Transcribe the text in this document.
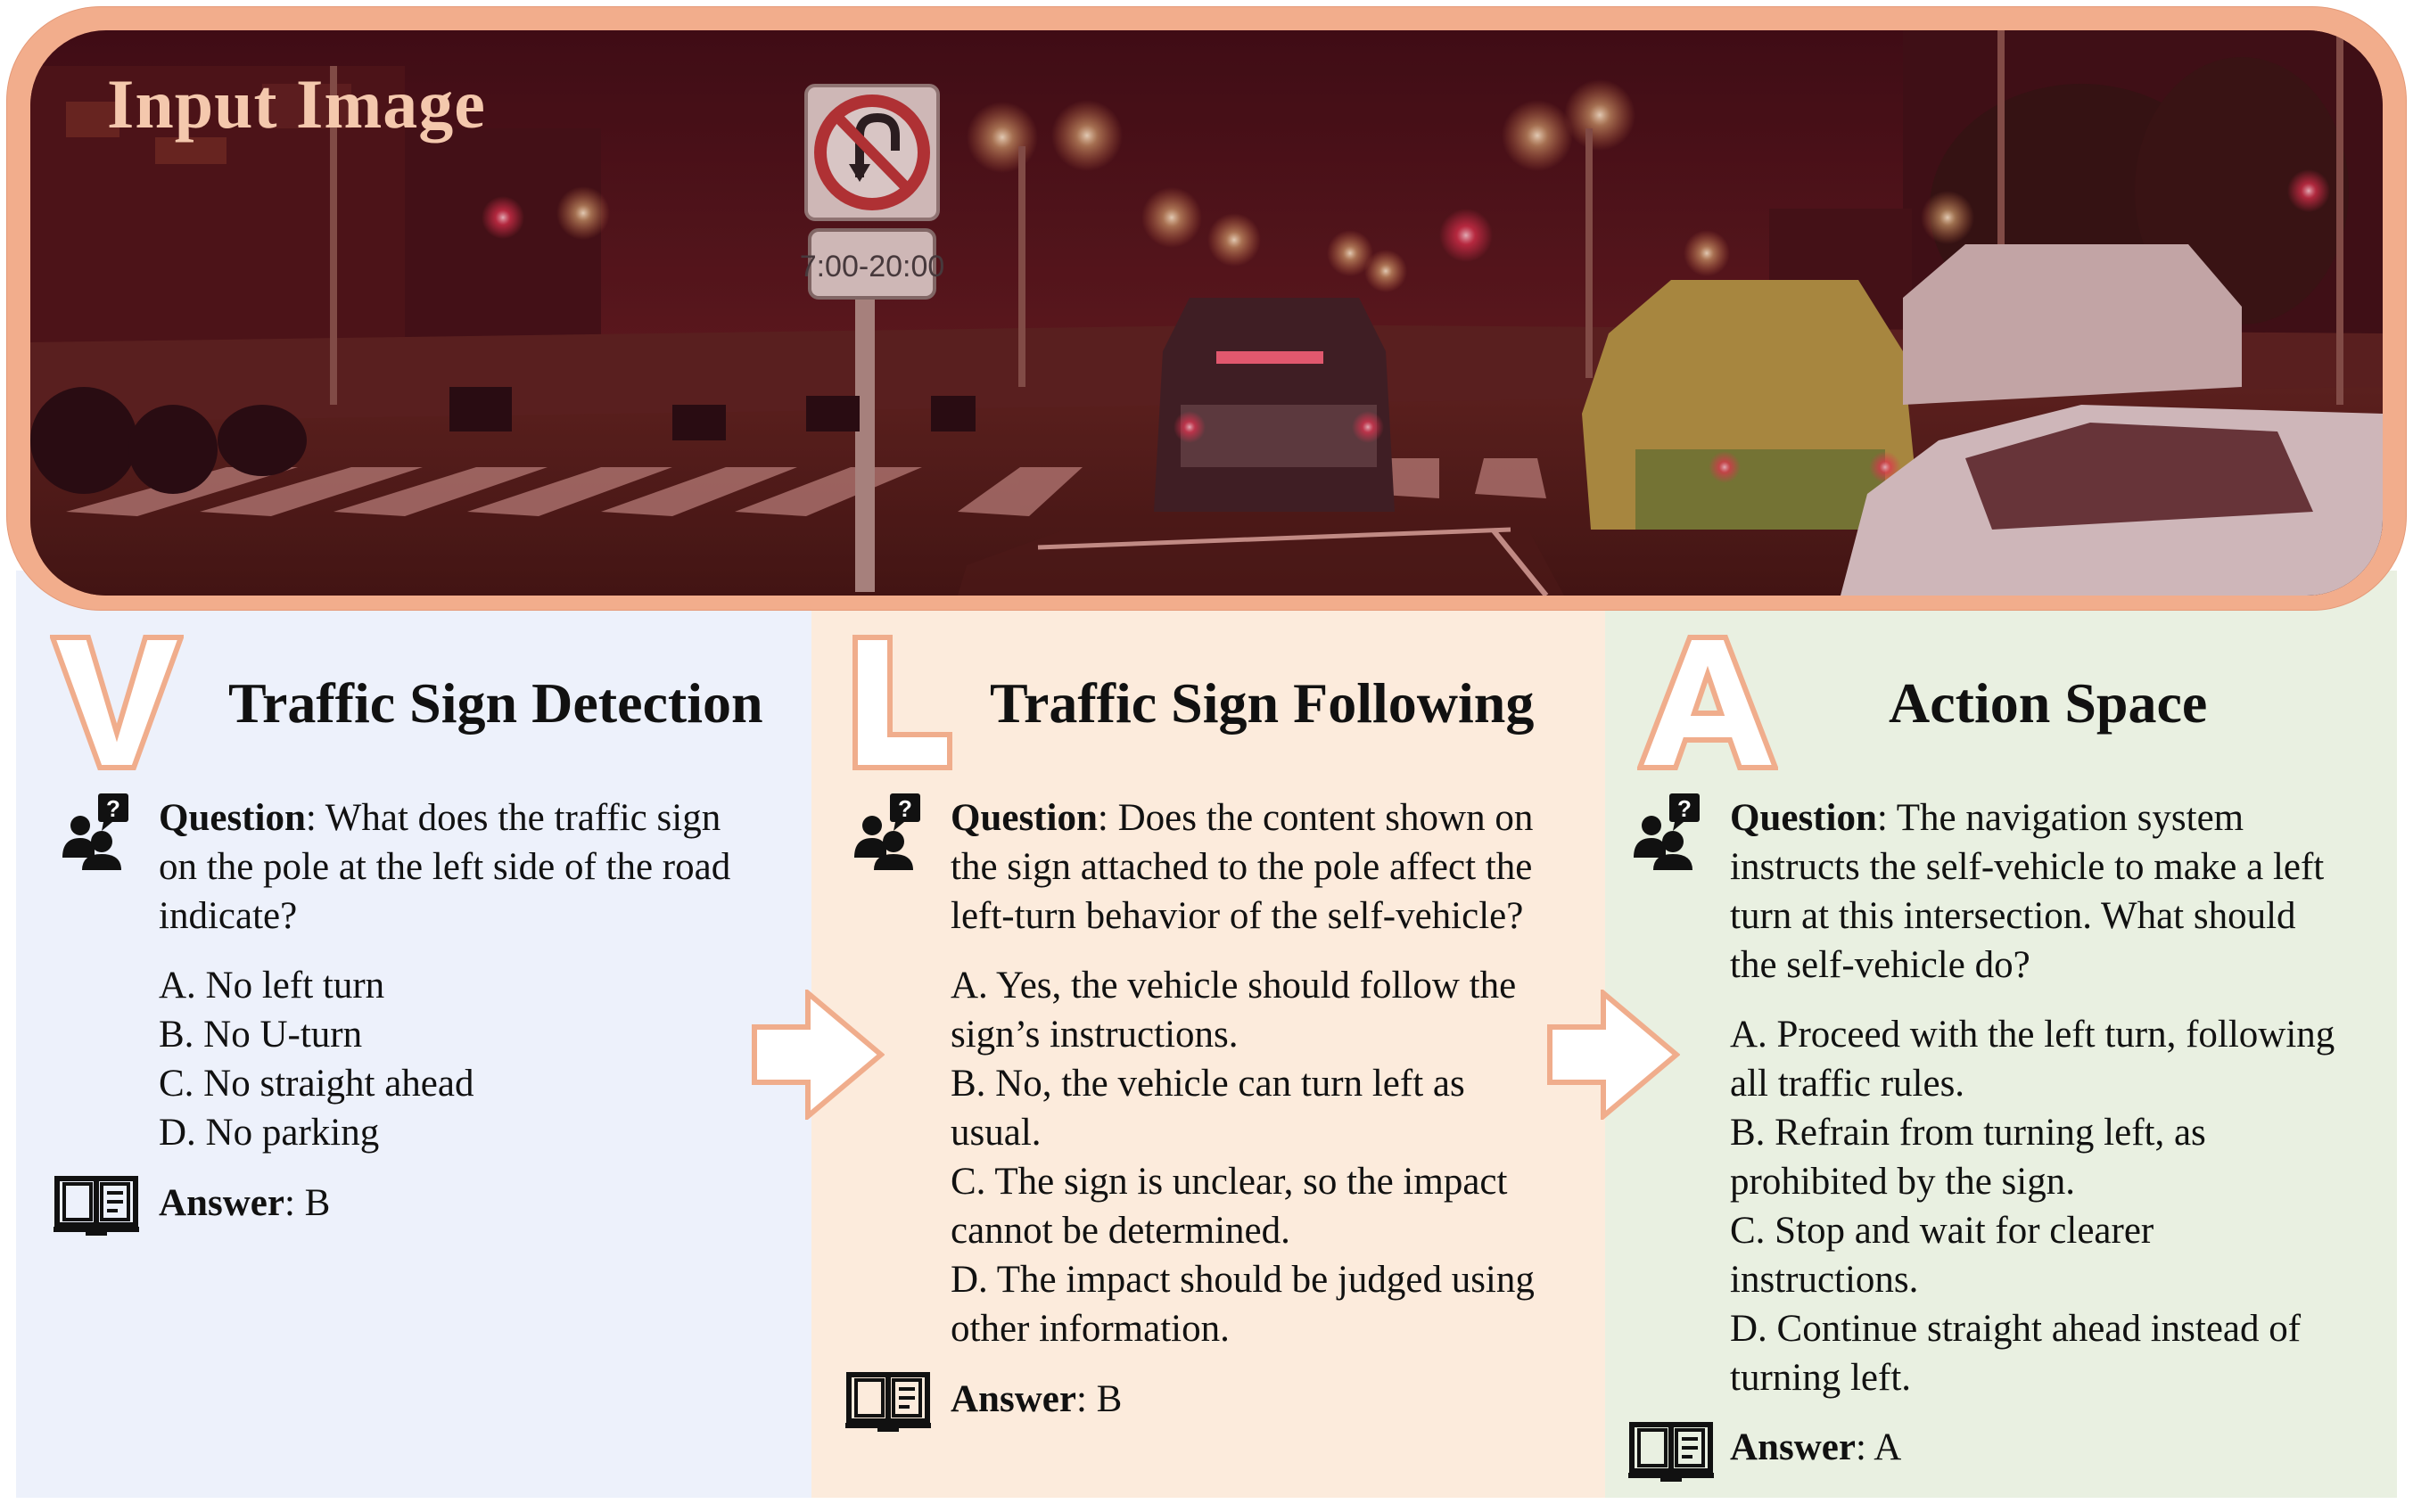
7:00-20:00
Input Image
Traffic Sign Detection
? Question: What does the traffic sign

on the pole at the left side of the road

indicate?

A. No left turn
B. No U-turn
C. No straight ahead
D. No parking
Answer: B
Traffic Sign Following
? Question: Does the content shown on

the sign attached to the pole affect the

left-turn behavior of the self-vehicle?

A. Yes, the vehicle should follow the
sign’s instructions.
B. No, the vehicle can turn left as
usual.
C. The sign is unclear, so the impact
cannot be determined.
D. The impact should be judged using
other information.
Answer: B
Action Space
? Question: The navigation system

instructs the self-vehicle to make a left

turn at this intersection. What should

the self-vehicle do?

A. Proceed with the left turn, following
all traffic rules.
B. Refrain from turning left, as
prohibited by the sign.
C. Stop and wait for clearer
instructions.
D. Continue straight ahead instead of
turning left.
Answer: A
